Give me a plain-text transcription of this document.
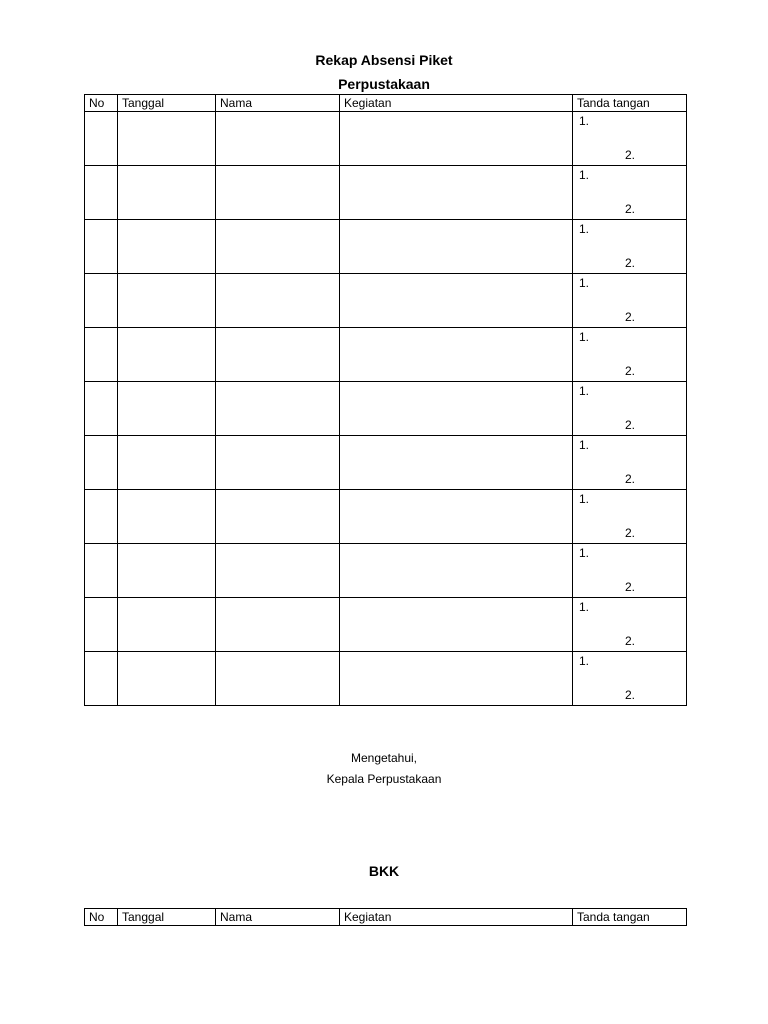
Rekap Absensi Piket
Perpustakaan
No	Tanggal	Nama	Kegiatan	Tanda tangan

				1.
2.

				1.
2.

				1.
2.

				1.
2.

				1.
2.

				1.
2.

				1.
2.

				1.
2.

				1.
2.

				1.
2.

				1.
2.
Mengetahui,
Kepala Perpustakaan
BKK
No	Tanggal	Nama	Kegiatan	Tanda tangan
